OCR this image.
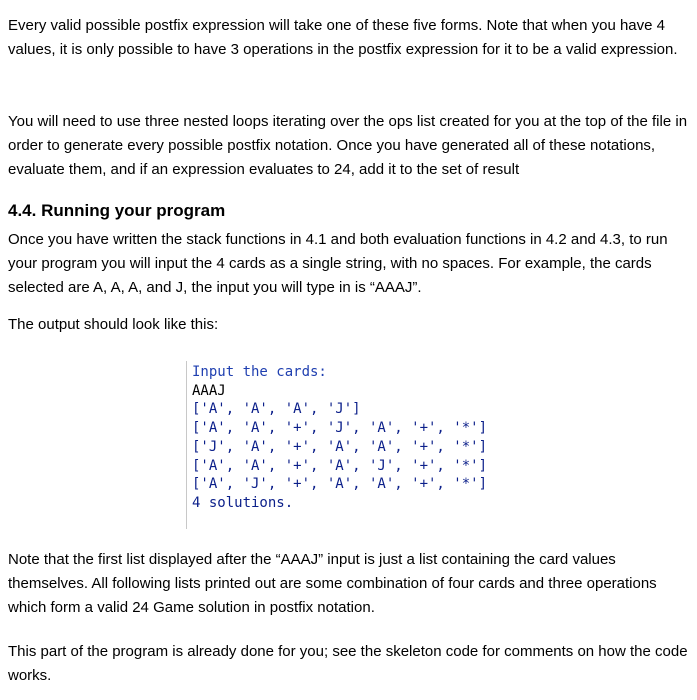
Every valid possible postfix expression will take one of these five forms. Note that when you have 4 values, it is only possible to have 3 operations in the postfix expression for it to be a valid expression.

You will need to use three nested loops iterating over the ops list created for you at the top of the file in order to generate every possible postfix notation. Once you have generated all of these notations, evaluate them, and if an expression evaluates to 24, add it to the set of result

4.4. Running your program

Once you have written the stack functions in 4.1 and both evaluation functions in 4.2 and 4.3, to run your program you will input the 4 cards as a single string, with no spaces. For example, the cards selected are A, A, A, and J, the input you will type in is “AAAJ”.

The output should look like this:

Input the cards:
AAAJ
['A', 'A', 'A', 'J']
['A', 'A', '+', 'J', 'A', '+', '*']
['J', 'A', '+', 'A', 'A', '+', '*']
['A', 'A', '+', 'A', 'J', '+', '*']
['A', 'J', '+', 'A', 'A', '+', '*']
4 solutions.

Note that the first list displayed after the “AAAJ” input is just a list containing the card values themselves. All following lists printed out are some combination of four cards and three operations which form a valid 24 Game solution in postfix notation.

This part of the program is already done for you; see the skeleton code for comments on how the code works.
